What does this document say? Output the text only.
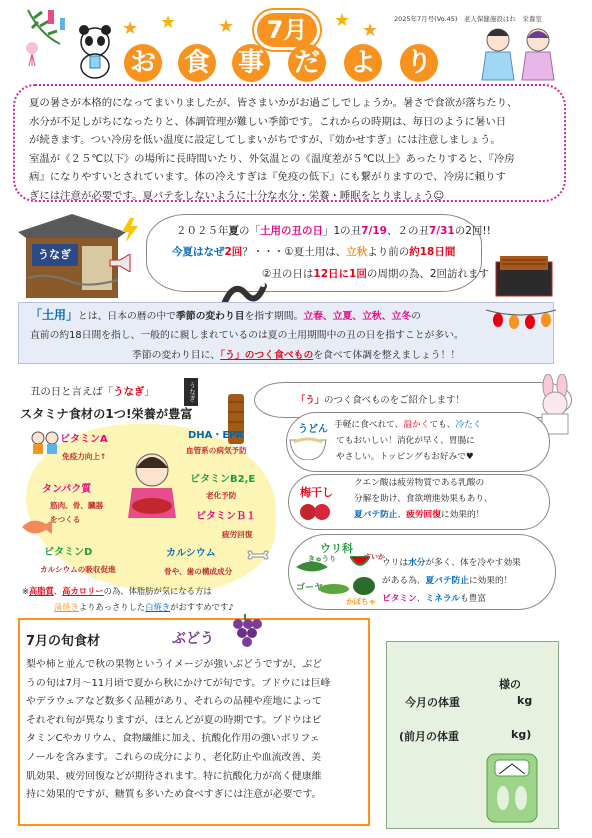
★ ★ ★	★ ★
7月
お 食 事 だ よ り
2025年7月号(Vo.45)　老人保健施設はれ　栄養室

夏の暑さが本格的になってまいりましたが、皆さまいかがお過ごしでしょうか。暑さで食欲が落ちたり、

水分が不足しがちになったりと、体調管理が難しい季節です。これからの時期は、毎日のように暑い日

が続きます。つい冷房を低い温度に設定してしまいがちですが、『効かせすぎ』には注意しましょう。

室温が《２５℃以下》の場所に長時間いたり、外気温との《温度差が５℃以上》あったりすると、『冷房

病』になりやすいとされています。体の冷えすぎは『免疫の低下』にも繋がりますので、冷房に頼りす

ぎには注意が必要です。夏バテをしないように十分な水分・栄養・睡眠をとりましょう☺

うなぎ
２０２５年夏の「土用の丑の日」1の丑7/19、２の丑7/31の2回!!
今夏はなぜ2回？・・・①夏土用は、立秋より前の約18日間
②丑の日は12日に1回の周期の為、2回訪れます
「土用」とは、日本の暦の中で季節の変わり目を指す期間。立春、立夏、立秋、立冬の
直前の約18日間を指し、一般的に親しまれているのは夏の土用期間中の丑の日を指すことが多い。
季節の変わり目に、「う」のつく食べものを食べて体調を整えましょう！！
丑の日と言えば「うなぎ」	うなぎ
スタミナ食材の1つ!栄養が豊富
ビタミンA
免疫力向上↑
DHA・EPA
血管系の病気予防
タンパク質
筋肉、骨、臓器をつくる
ビタミンB2,E
老化予防
ビタミンＢ１
疲労回復
ビタミンD
カルシウムの吸収促進
カルシウム
骨や、歯の構成成分
※高脂質、高カロリーの為、体脂肪が気になる方は
蒲焼きよりあっさりした白焼きがおすすめです♪
「う」のつく食べものをご紹介します！
うどん 手軽に食べれて、温かくても、冷たく
てもおいしい！消化が早く、胃腸に
やさしい。トッピングもお好みで♥
梅干し
クエン酸は疲労物質である乳酸の
分解を助け、食欲増進効果もあり、
夏バテ防止、疲労回復に効果的！
ウリ科
きゅうり	すいか
ゴーヤ
かぼちゃ
ウリは水分が多く、体を冷やす効果
がある為、夏バテ防止に効果的！
ビタミン、ミネラルも豊富
7月の旬食材	ぶどう
梨や柿と並んで秋の果物というイメージが強いぶどうですが、ぶど
うの旬は7月～11月頃で夏から秋にかけてが旬です。ブドウには巨峰
やデラウェアなど数多く品種があり、それらの品種や産地によって
それぞれ旬が異なりますが、ほとんどが夏の時期です。ブドウはビ
タミンCやカリウム、食物繊維に加え、抗酸化作用の強いポリフェ
ノールを含みます。これらの成分により、老化防止や血流改善、美
肌効果、疲労回復などが期待されます。特に抗酸化力が高く健康維
持に効果的ですが、糖質も多いため食べすぎには注意が必要です。
様の
今月の体重	kg
(前月の体重	kg)
